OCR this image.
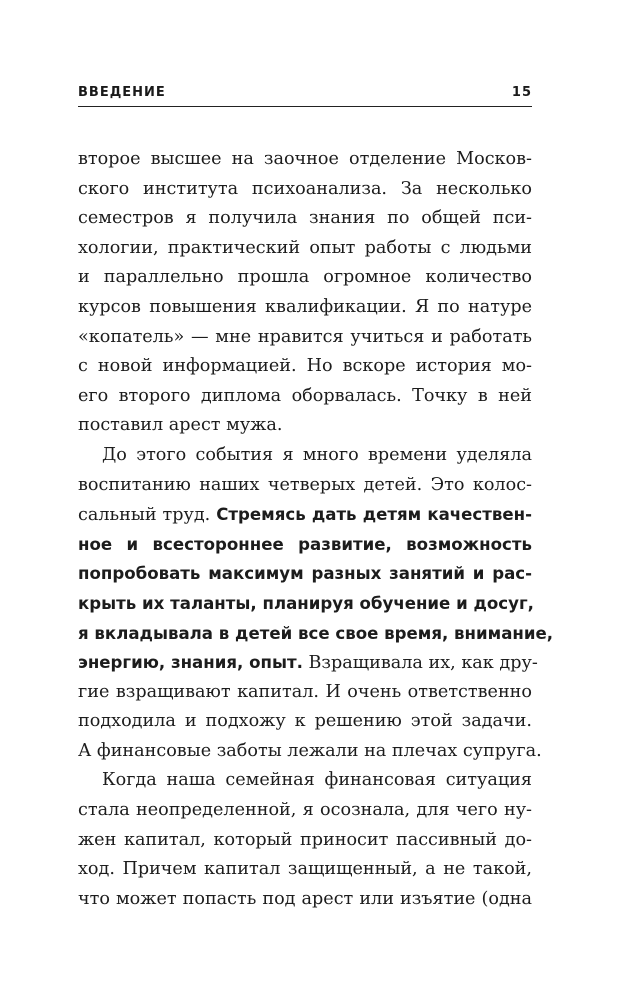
ВВЕДЕНИЕ	15
второе высшее на заочное отделение Москов-
ского института психоанализа. За несколько
семестров я получила знания по общей пси-
хологии, практический опыт работы с людьми
и параллельно прошла огромное количество
курсов повышения квалификации. Я по натуре
«копатель» — мне нравится учиться и работать
с новой информацией. Но вскоре история мо-
его второго диплома оборвалась. Точку в ней
поставил арест мужа.
До этого события я много времени уделяла
воспитанию наших четверых детей. Это колос-
сальный труд. Стремясь дать детям качествен-
ное и всестороннее развитие, возможность
попробовать максимум разных занятий и рас-
крыть их таланты, планируя обучение и досуг,
я вкладывала в детей все свое время, внимание,
энергию, знания, опыт. Взращивала их, как дру-
гие взращивают капитал. И очень ответственно
подходила и подхожу к решению этой задачи.
А финансовые заботы лежали на плечах супруга.
Когда наша семейная финансовая ситуация
стала неопределенной, я осознала, для чего ну-
жен капитал, который приносит пассивный до-
ход. Причем капитал защищенный, а не такой,
что может попасть под арест или изъятие (одна
